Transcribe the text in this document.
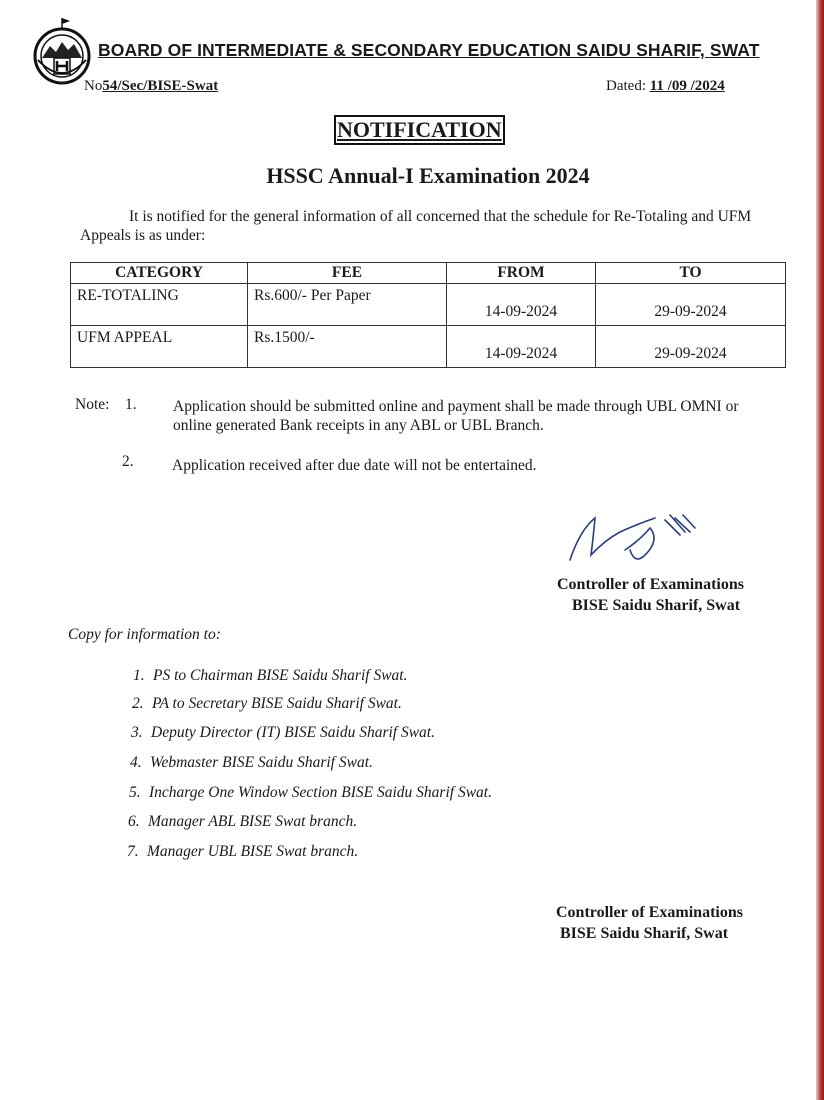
BOARD OF INTERMEDIATE & SECONDARY EDUCATION SAIDU SHARIF, SWAT
No54/Sec/BISE-Swat	Dated: 11 /09 /2024
NOTIFICATION
HSSC Annual-I Examination 2024
It is notified for the general information of all concerned that the schedule for Re-Totaling and UFM Appeals is as under:
CATEGORY	FEE	FROM	TO
RE-TOTALING	Rs.600/- Per Paper	14-09-2024	29-09-2024
UFM APPEAL	Rs.1500/-	14-09-2024	29-09-2024
Note: 1. Application should be submitted online and payment shall be made through UBL OMNI or online generated Bank receipts in any ABL or UBL Branch.
2. Application received after due date will not be entertained.
Controller of Examinations
BISE Saidu Sharif, Swat
Copy for information to:
1. PS to Chairman BISE Saidu Sharif Swat.
2. PA to Secretary BISE Saidu Sharif Swat.
3. Deputy Director (IT) BISE Saidu Sharif Swat.
4. Webmaster BISE Saidu Sharif Swat.
5. Incharge One Window Section BISE Saidu Sharif Swat.
6. Manager ABL BISE Swat branch.
7. Manager UBL BISE Swat branch.
Controller of Examinations
BISE Saidu Sharif, Swat
